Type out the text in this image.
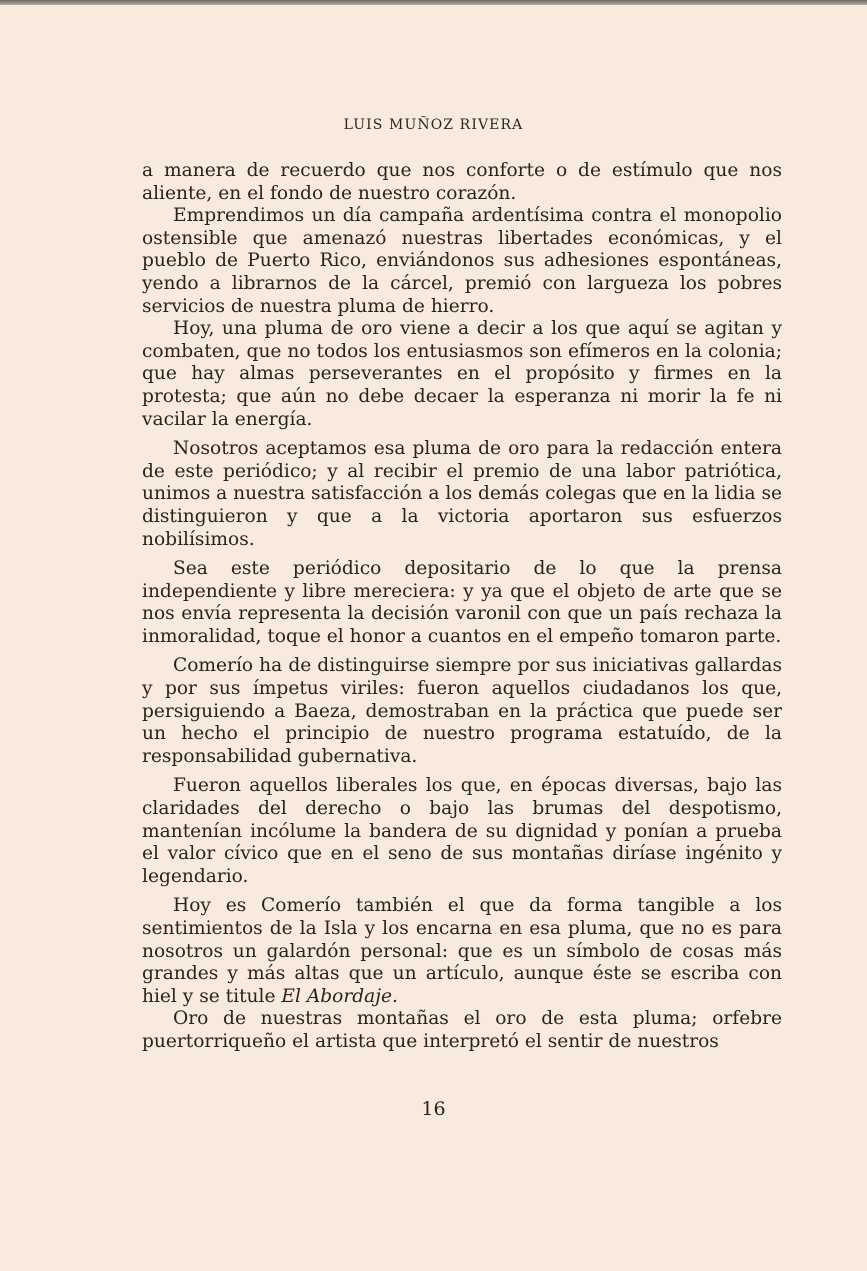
LUIS MUÑOZ RIVERA

a manera de recuerdo que nos conforte o de estímulo que nos aliente, en el fondo de nuestro corazón.

Emprendimos un día campaña ardentísima contra el monopolio ostensible que amenazó nuestras libertades económicas, y el pueblo de Puerto Rico, enviándonos sus adhesiones espontáneas, yendo a librarnos de la cárcel, premió con largueza los pobres servicios de nuestra pluma de hierro.

Hoy, una pluma de oro viene a decir a los que aquí se agitan y combaten, que no todos los entusiasmos son efímeros en la colonia; que hay almas perseverantes en el propósito y firmes en la protesta; que aún no debe decaer la esperanza ni morir la fe ni vacilar la energía.

Nosotros aceptamos esa pluma de oro para la redacción entera de este periódico; y al recibir el premio de una labor patriótica, unimos a nuestra satisfacción a los demás colegas que en la lidia se distinguieron y que a la victoria aportaron sus esfuerzos nobilísimos.

Sea este periódico depositario de lo que la prensa independiente y libre mereciera: y ya que el objeto de arte que se nos envía representa la decisión varonil con que un país rechaza la inmoralidad, toque el honor a cuantos en el empeño tomaron parte.

Comerío ha de distinguirse siempre por sus iniciativas gallardas y por sus ímpetus viriles: fueron aquellos ciudadanos los que, persiguiendo a Baeza, demostraban en la práctica que puede ser un hecho el principio de nuestro programa estatuído, de la responsabilidad gubernativa.

Fueron aquellos liberales los que, en épocas diversas, bajo las claridades del derecho o bajo las brumas del despotismo, mantenían incólume la bandera de su dignidad y ponían a prueba el valor cívico que en el seno de sus montañas diríase ingénito y legendario.

Hoy es Comerío también el que da forma tangible a los sentimientos de la Isla y los encarna en esa pluma, que no es para nosotros un galardón personal: que es un símbolo de cosas más grandes y más altas que un artículo, aunque éste se escriba con hiel y se titule El Abordaje.

Oro de nuestras montañas el oro de esta pluma; orfebre puertorriqueño el artista que interpretó el sentir de nuestros

16
